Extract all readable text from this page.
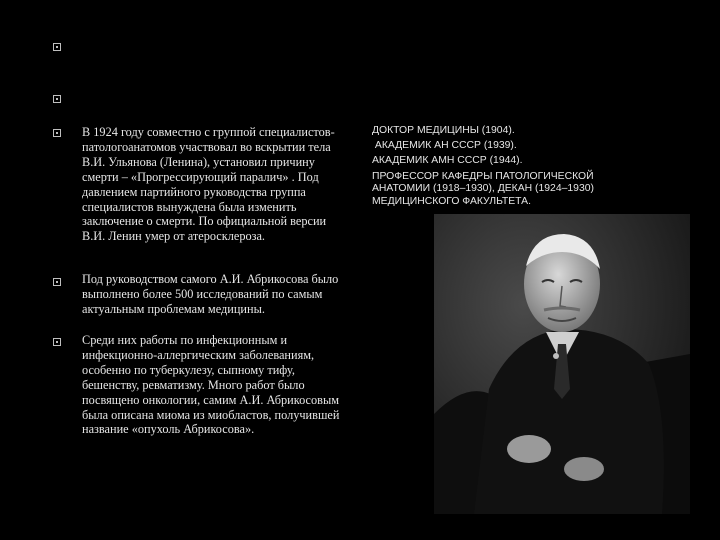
В 1924 году совместно с группой специалистов-патологоанатомов участвовал во вскрытии тела В.И. Ульянова (Ленина), установил причину смерти – «Прогрессирующий паралич» . Под давлением партийного руководства группа специалистов вынуждена была изменить заключение о смерти. По официальной версии В.И. Ленин умер от атеросклероза.
Под руководством самого А.И. Абрикосова было выполнено более 500 исследований по самым актуальным проблемам медицины.
Среди них работы по инфекционным и инфекционно-аллергическим заболеваниям, особенно по туберкулезу, сыпному тифу, бешенству, ревматизму. Много работ было посвящено онкологии, самим А.И. Абрикосовым была описана миома из миобластов, получившей название «опухоль Абрикосова».
ДОКТОР МЕДИЦИНЫ (1904).
АКАДЕМИК АН СССР (1939).
АКАДЕМИК АМН СССР (1944).
ПРОФЕССОР КАФЕДРЫ ПАТОЛОГИЧЕСКОЙ
АНАТОМИИ (1918–1930), ДЕКАН (1924–1930)
МЕДИЦИНСКОГО ФАКУЛЬТЕТА.
